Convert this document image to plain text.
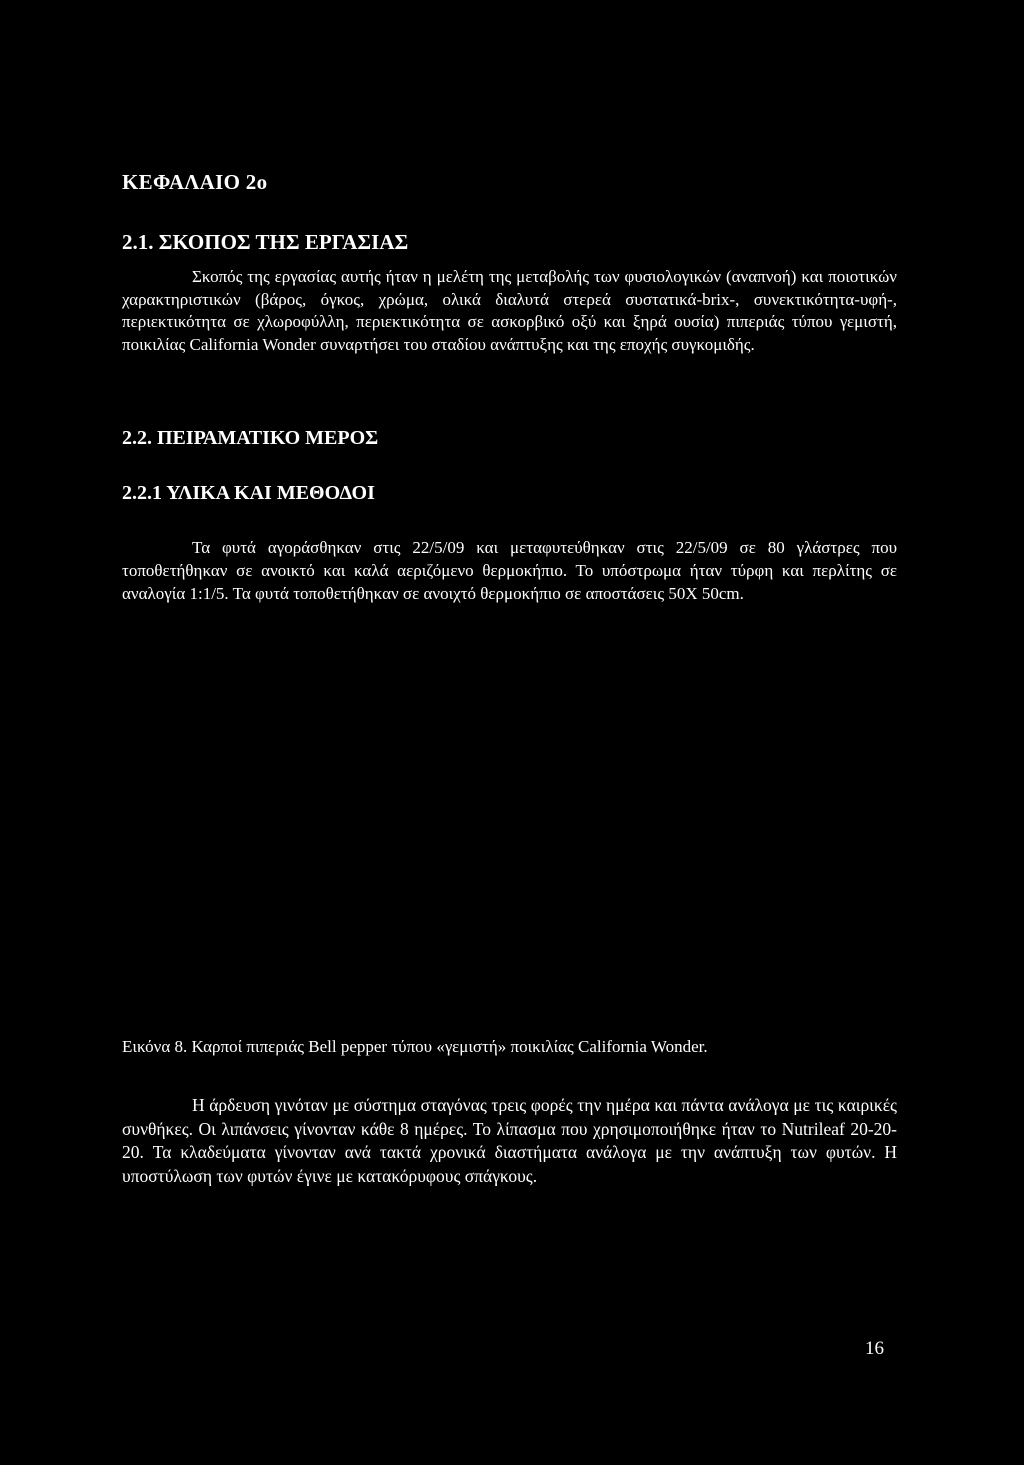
ΚΕΦΑΛΑΙΟ 2ο
2.1. ΣΚΟΠΟΣ ΤΗΣ ΕΡΓΑΣΙΑΣ

Σκοπός της εργασίας αυτής ήταν η μελέτη της μεταβολής των φυσιολογικών (αναπνοή) και ποιοτικών χαρακτηριστικών (βάρος, όγκος, χρώμα, ολικά διαλυτά στερεά συστατικά-brix-, συνεκτικότητα-υφή-, περιεκτικότητα σε χλωροφύλλη, περιεκτικότητα σε ασκορβικό οξύ και ξηρά ουσία) πιπεριάς τύπου γεμιστή, ποικιλίας California Wonder συναρτήσει του σταδίου ανάπτυξης και της εποχής συγκομιδής.

2.2. ΠΕΙΡΑΜΑΤΙΚΟ ΜΕΡΟΣ
2.2.1 ΥΛΙΚΑ ΚΑΙ ΜΕΘΟΔΟΙ

Τα φυτά αγοράσθηκαν στις 22/5/09 και μεταφυτεύθηκαν στις 22/5/09 σε 80 γλάστρες που τοποθετήθηκαν σε ανοικτό και καλά αεριζόμενο θερμοκήπιο. Το υπόστρωμα ήταν τύρφη και περλίτης σε αναλογία 1:1/5. Τα φυτά τοποθετήθηκαν σε ανοιχτό θερμοκήπιο σε αποστάσεις 50Χ 50cm.

Εικόνα 8. Καρποί πιπεριάς Bell pepper τύπου «γεμιστή» ποικιλίας California Wonder.

Η άρδευση γινόταν με σύστημα σταγόνας τρεις φορές την ημέρα και πάντα ανάλογα με τις καιρικές συνθήκες. Οι λιπάνσεις γίνονταν κάθε 8 ημέρες. Το λίπασμα που χρησιμοποιήθηκε ήταν το Nutrileaf 20-20-20. Τα κλαδεύματα γίνονταν ανά τακτά χρονικά διαστήματα ανάλογα με την ανάπτυξη των φυτών. Η υποστύλωση των φυτών έγινε με κατακόρυφους σπάγκους.

16
